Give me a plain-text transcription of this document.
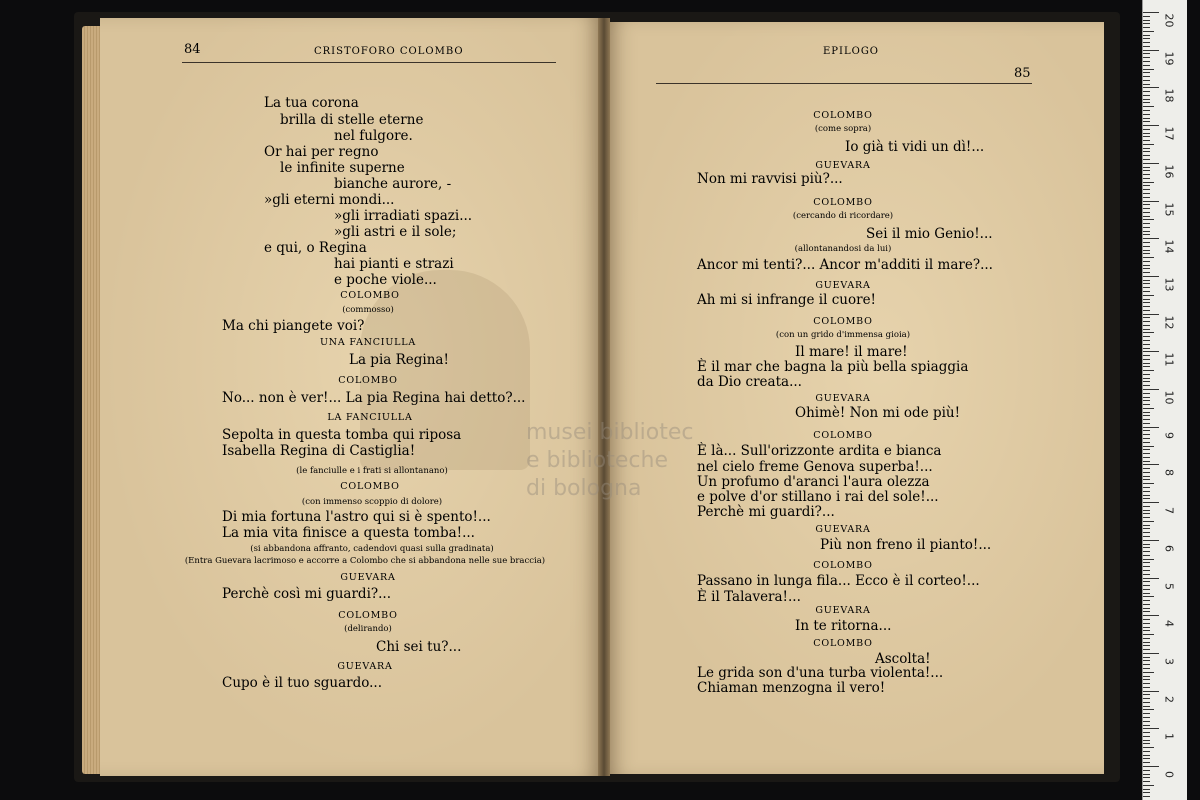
musei bibliotec
e biblioteche
di bologna
84	CRISTOFORO COLOMBO	EPILOGO
85
La tua corona
brilla di stelle eterne
nel fulgore.
Or hai per regno
le infinite superne
bianche aurore, -
»gli eterni mondi...
»gli irradiati spazi...
»gli astri e il sole;
e qui, o Regina
hai pianti e strazi
e poche viole...
COLOMBO
(commosso)
Ma chi piangete voi?
UNA FANCIULLA
La pia Regina!
COLOMBO
No... non è ver!... La pia Regina hai detto?...
LA FANCIULLA
Sepolta in questa tomba qui riposa
Isabella Regina di Castiglia!
(le fanciulle e i frati si allontanano)
COLOMBO
(con immenso scoppio di dolore)
Di mia fortuna l'astro qui si è spento!...
La mia vita finisce a questa tomba!...
(si abbandona affranto, cadendovi quasi sulla gradinata)
(Entra Guevara lacrimoso e accorre a Colombo che si abbandona nelle sue braccia)
GUEVARA
Perchè così mi guardi?...
COLOMBO
(delirando)
Chi sei tu?...
GUEVARA
Cupo è il tuo sguardo...
COLOMBO
(come sopra)
Io già ti vidi un dì!...
GUEVARA
Non mi ravvisi più?...
COLOMBO
(cercando di ricordare)
Sei il mio Genio!...
(allontanandosi da lui)
Ancor mi tenti?... Ancor m'additi il mare?...
GUEVARA
Ah mi si infrange il cuore!
COLOMBO
(con un grido d'immensa gioia)
Il mare! il mare!
È il mar che bagna la più bella spiaggia
da Dio creata...
GUEVARA
Ohimè! Non mi ode più!
COLOMBO
È là... Sull'orizzonte ardita e bianca
nel cielo freme Genova superba!...
Un profumo d'aranci l'aura olezza
e polve d'or stillano i rai del sole!...
Perchè mi guardi?...
GUEVARA
Più non freno il pianto!...
COLOMBO
Passano in lunga fila... Ecco è il corteo!...
È il Talavera!...
GUEVARA
In te ritorna...
COLOMBO
Ascolta!
Le grida son d'una turba violenta!...
Chiaman menzogna il vero!
20
19
18
17
16
15
14
13
12
11
10
9
8
7
6
5
4
3
2
1
0
